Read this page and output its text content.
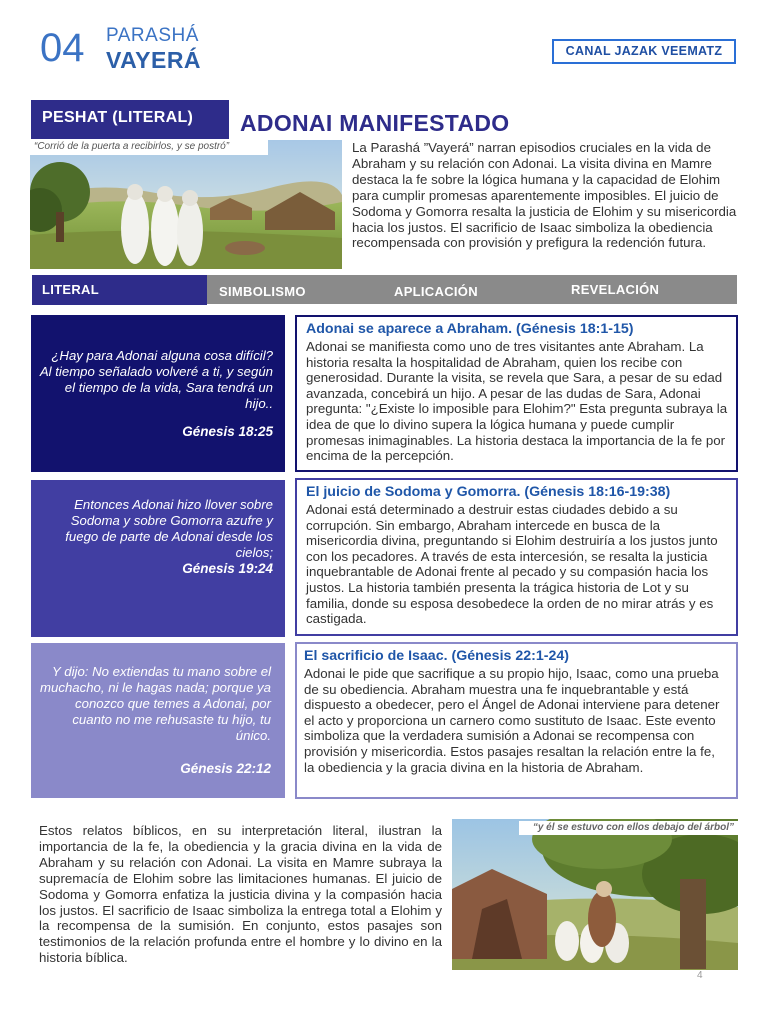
04 PARASHÁ
VAYERÁ	CANAL JAZAK VEEMATZ
PESHAT (LITERAL)	ADONAI MANIFESTADO
“Corrió de la puerta a recibirlos, y se postró”	La Parashá ”Vayerá” narran episodios cruciales en la vida de Abraham y su relación con Adonai. La visita divina en Mamre destaca la fe sobre la lógica humana y la capacidad de Elohim para cumplir promesas aparentemente imposibles. El juicio de Sodoma y Gomorra resalta la justicia de Elohim y su misericordia hacia los justos. El sacrificio de Isaac simboliza la obediencia recompensada con provisión y prefigura la redención futura.
LITERAL	SIMBOLISMO	APLICACIÓN	REVELACIÓN
¿Hay para Adonai alguna cosa difícil? Al tiempo señalado volveré a ti, y según el tiempo de la vida, Sara tendrá un hijo..
Génesis 18:25
Adonai se aparece a Abraham. (Génesis 18:1-15)
Adonai se manifiesta como uno de tres visitantes ante Abraham. La historia resalta la hospitalidad de Abraham, quien los recibe con generosidad. Durante la visita, se revela que Sara, a pesar de su edad avanzada, concebirá un hijo. A pesar de las dudas de Sara, Adonai pregunta: "¿Existe lo imposible para Elohim?" Esta pregunta subraya la idea de que lo divino supera la lógica humana y puede cumplir promesas inimaginables. La historia destaca la importancia de la fe por encima de la percepción.
Entonces Adonai hizo llover sobre Sodoma y sobre Gomorra azufre y fuego de parte de Adonai desde los cielos;
Génesis 19:24
El juicio de Sodoma y Gomorra. (Génesis 18:16-19:38)
Adonai está determinado a destruir estas ciudades debido a su corrupción. Sin embargo, Abraham intercede en busca de la misericordia divina, preguntando si Elohim destruiría a los justos junto con los pecadores. A través de esta intercesión, se resalta la justicia inquebrantable de Adonai frente al pecado y su compasión hacia los justos. La historia también presenta la trágica historia de Lot y su familia, donde su esposa desobedece la orden de no mirar atrás y es castigada.
Y dijo: No extiendas tu mano sobre el muchacho, ni le hagas nada; porque ya conozco que temes a Adonai, por cuanto no me rehusaste tu hijo, tu único.
Génesis 22:12
El sacrificio de Isaac. (Génesis 22:1-24)
Adonai le pide que sacrifique a su propio hijo, Isaac, como una prueba de su obediencia. Abraham muestra una fe inquebrantable y está dispuesto a obedecer, pero el Ángel de Adonai interviene para detener el acto y proporciona un carnero como sustituto de Isaac. Este evento simboliza que la verdadera sumisión a Adonai se recompensa con provisión y misericordia. Estos pasajes resaltan la relación entre la fe, la obediencia y la gracia divina en la historia de Abraham.
Estos relatos bíblicos, en su interpretación literal, ilustran la importancia de la fe, la obediencia y la gracia divina en la vida de Abraham y su relación con Adonai. La visita en Mamre subraya la supremacía de Elohim sobre las limitaciones humanas. El juicio de Sodoma y Gomorra enfatiza la justicia divina y la compasión hacia los justos. El sacrificio de Isaac simboliza la entrega total a Elohim y la recompensa de la sumisión. En conjunto, estos pasajes son testimonios de la relación profunda entre el hombre y lo divino en la historia bíblica.
“y él se estuvo con ellos debajo del árbol”
4
